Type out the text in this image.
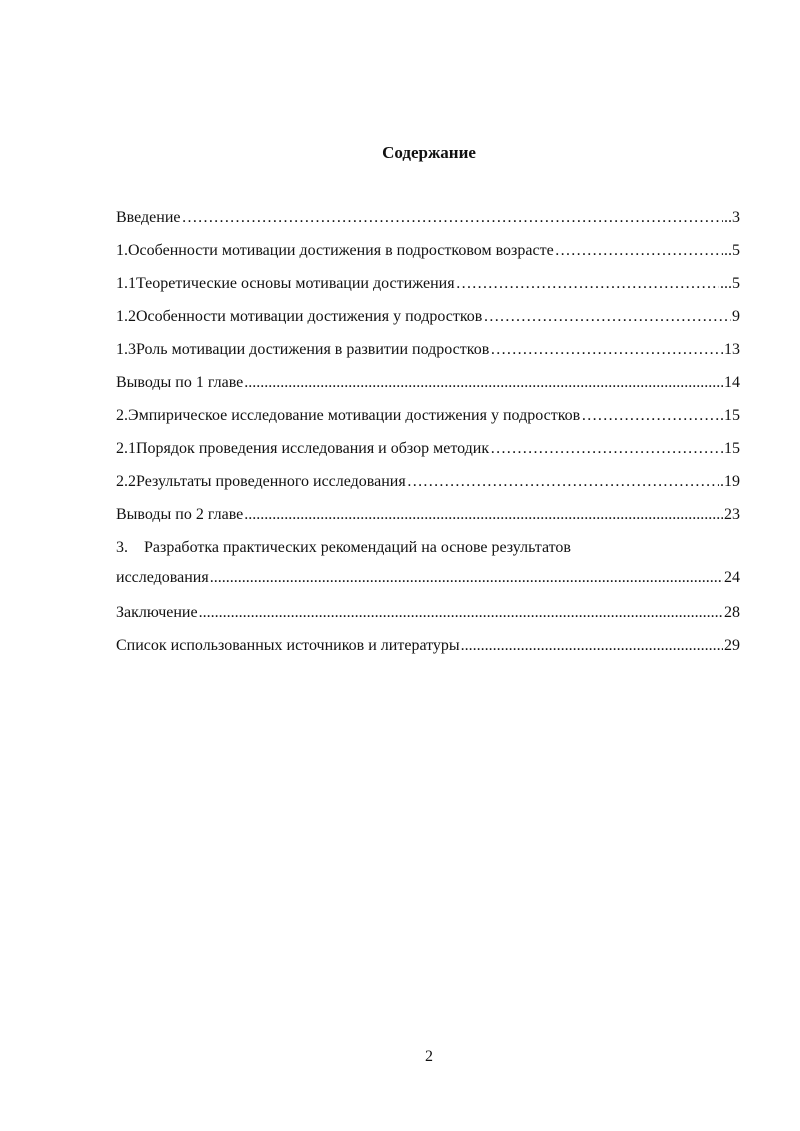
Содержание
Введение ………………………………………………………………………………………………………………………………………………………………………………………………………………………………	..3
1. Особенности мотивации достижения в подростковом возрасте ………………………………………………………………………………………………………………………………………………………………………………………………………………………………	..5
1.1 Теоретические основы мотивации достижения ………………………………………………………………………………………………………………………………………………………………………………………………………………………………	...5
1.2 Особенности мотивации достижения у подростков ………………………………………………………………………………………………………………………………………………………………………………………………………………………………	9
1.3 Роль мотивации достижения в развитии подростков ………………………………………………………………………………………………………………………………………………………………………………………………………………………………	13
Выводы по 1 главе .....	14
2. Эмпирическое исследование мотивации достижения у подростков ………………………………………………………………………………………………………………………………………………………………………………………………………………………………	.15
2.1 Порядок проведения исследования и обзор методик ………………………………………………………………………………………………………………………………………………………………………………………………………………………………	15
2.2 Результаты проведенного исследования ………………………………………………………………………………………………………………………………………………………………………………………………………………………………	.19
Выводы по 2 главе .....	23
3.	Разработка практических рекомендаций на основе результатов
исследования .....	24
Заключение .....	28
Список использованных источников и литературы .....	29
2
